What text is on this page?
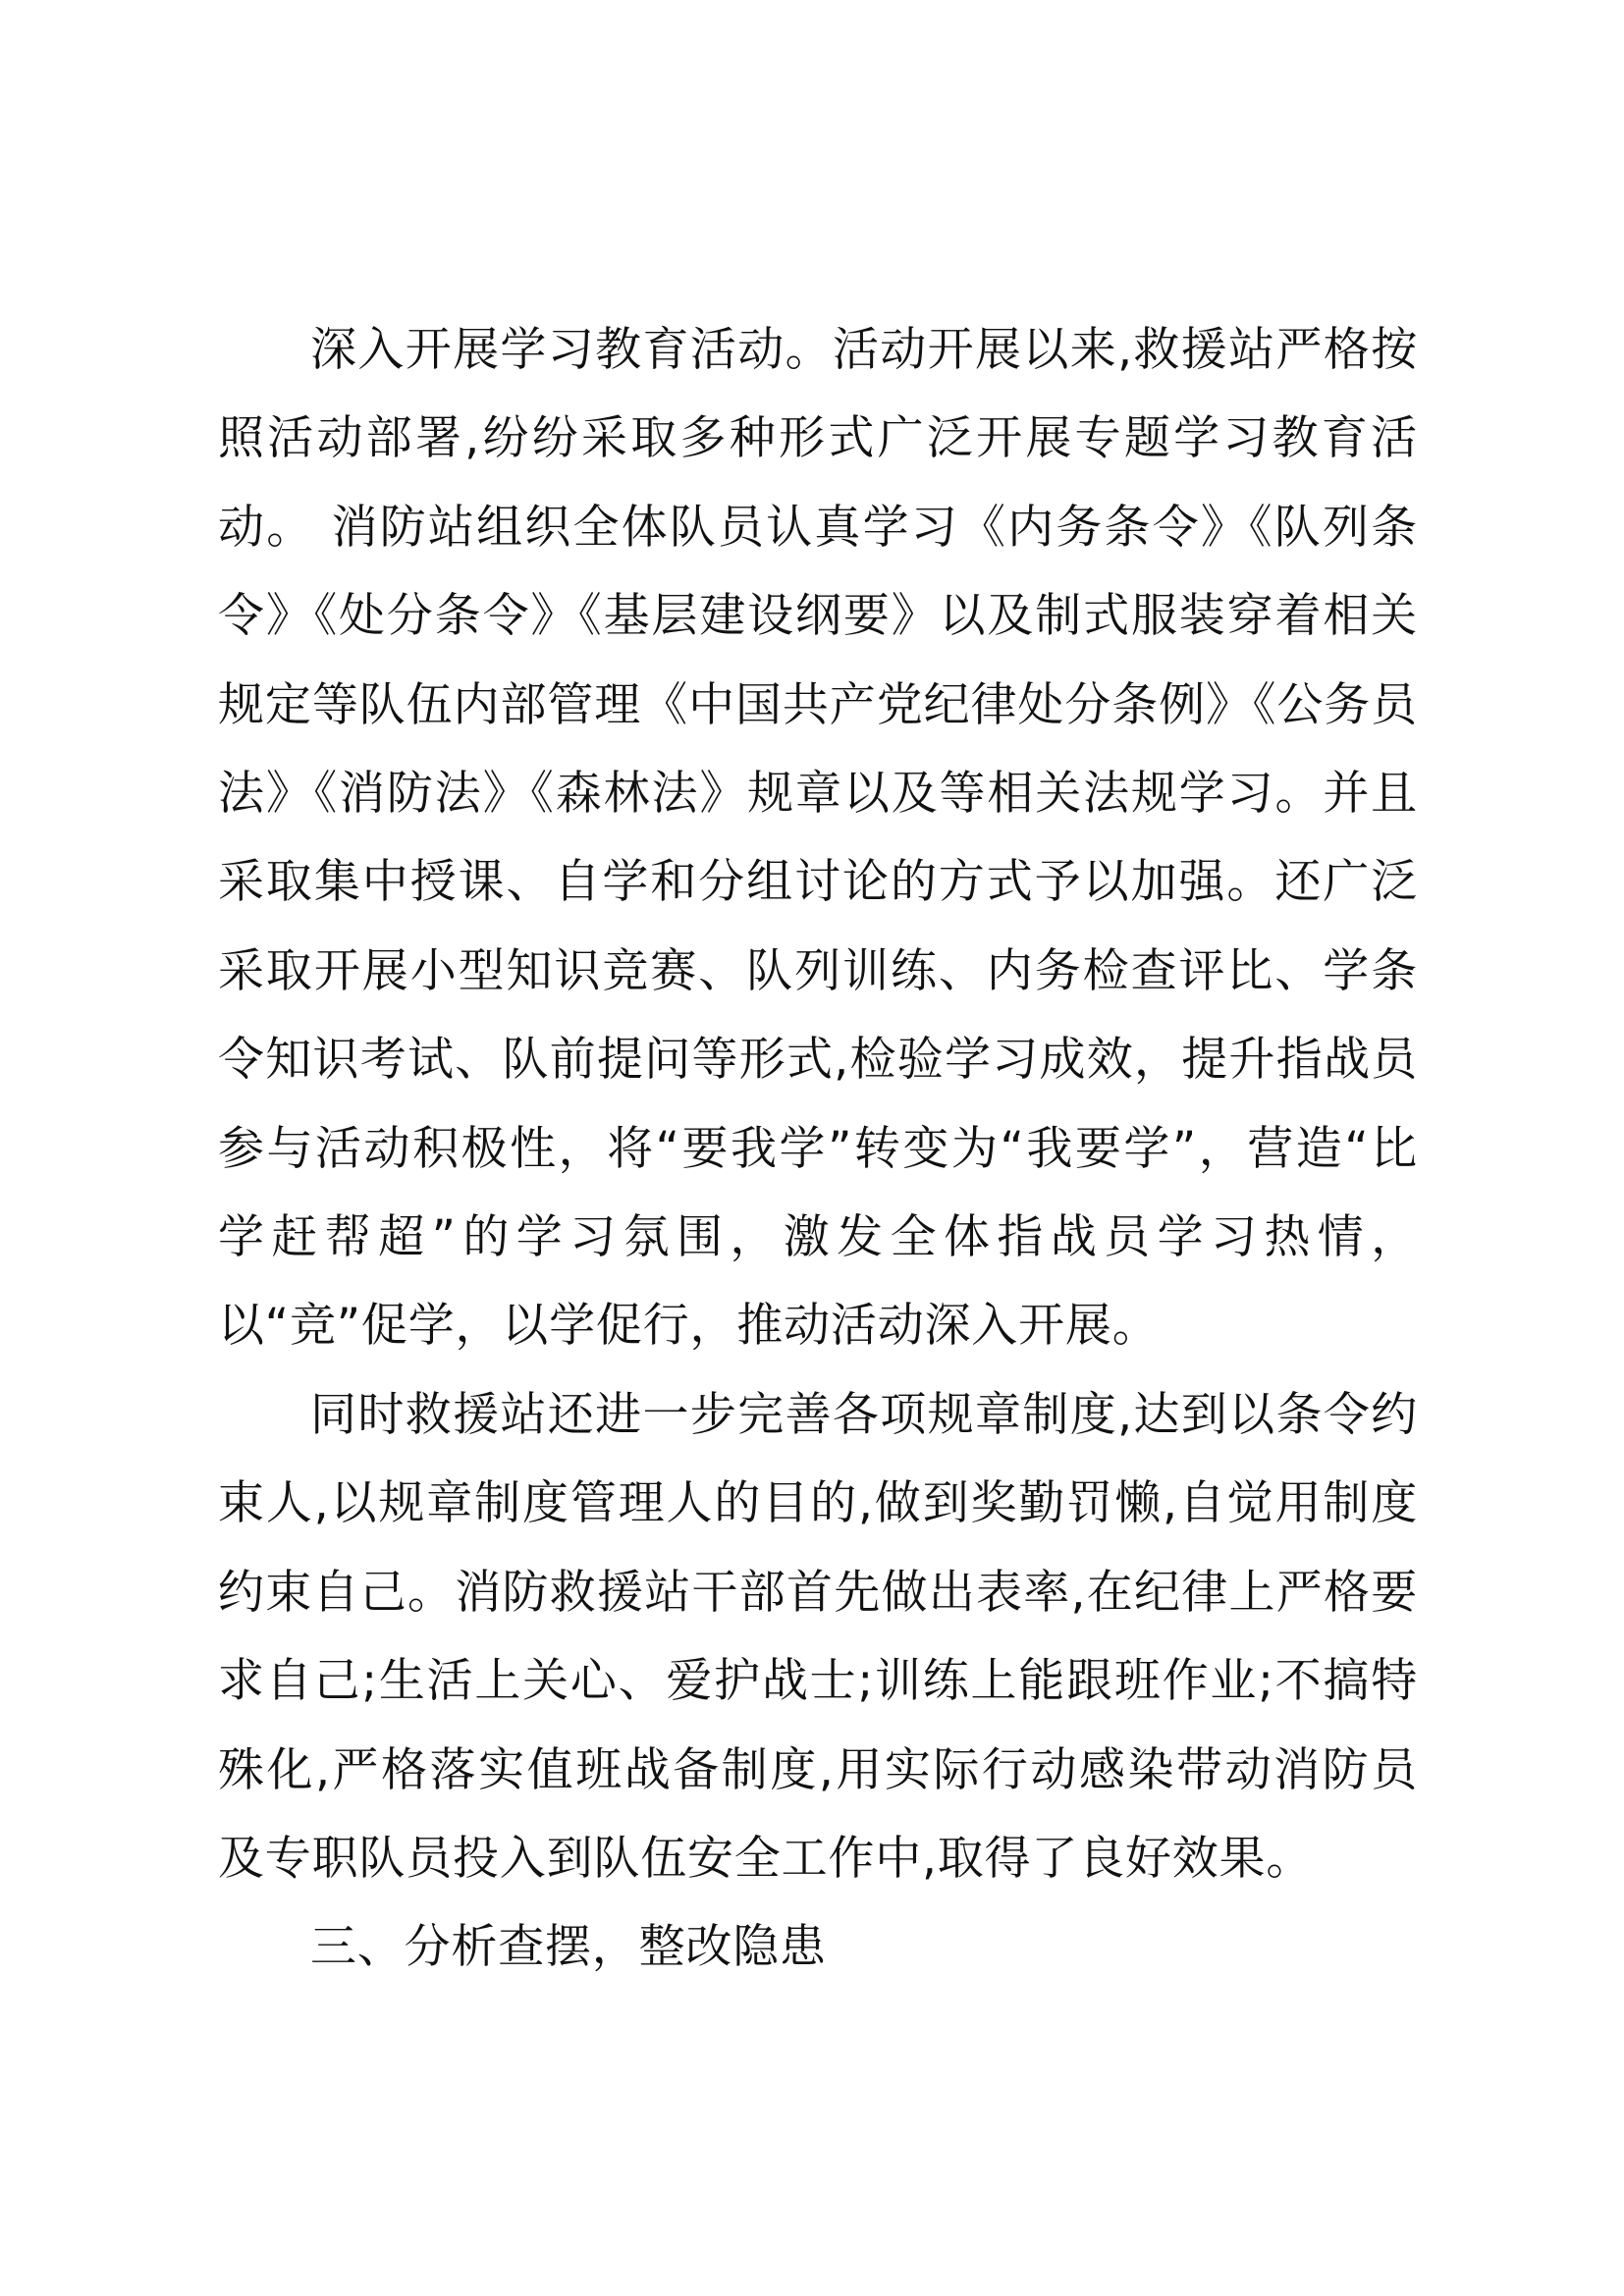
深入开展学习教育活动。活动开展以来,救援站严格按照活动部署,纷纷采取多种形式广泛开展专题学习教育活动。 消防站组织全体队员认真学习《内务条令》《队列条令》《处分条令》《基层建设纲要》以及制式服装穿着相关规定等队伍内部管理《中国共产党纪律处分条例》《公务员法》《消防法》《森林法》规章以及等相关法规学习。并且采取集中授课、自学和分组讨论的方式予以加强。还广泛采取开展小型知识竞赛、队列训练、内务检查评比、学条令知识考试、队前提问等形式,检验学习成效，提升指战员参与活动积极性，将“要我学”转变为“我要学”，营造“比学赶帮超”的学习氛围，激发全体指战员学习热情，以“竞”促学，以学促行，推动活动深入开展。

同时救援站还进一步完善各项规章制度,达到以条令约束人,以规章制度管理人的目的,做到奖勤罚懒,自觉用制度约束自己。消防救援站干部首先做出表率,在纪律上严格要求自己;生活上关心、爱护战士;训练上能跟班作业;不搞特殊化,严格落实值班战备制度,用实际行动感染带动消防员及专职队员投入到队伍安全工作中,取得了良好效果。

三、分析查摆，整改隐患
